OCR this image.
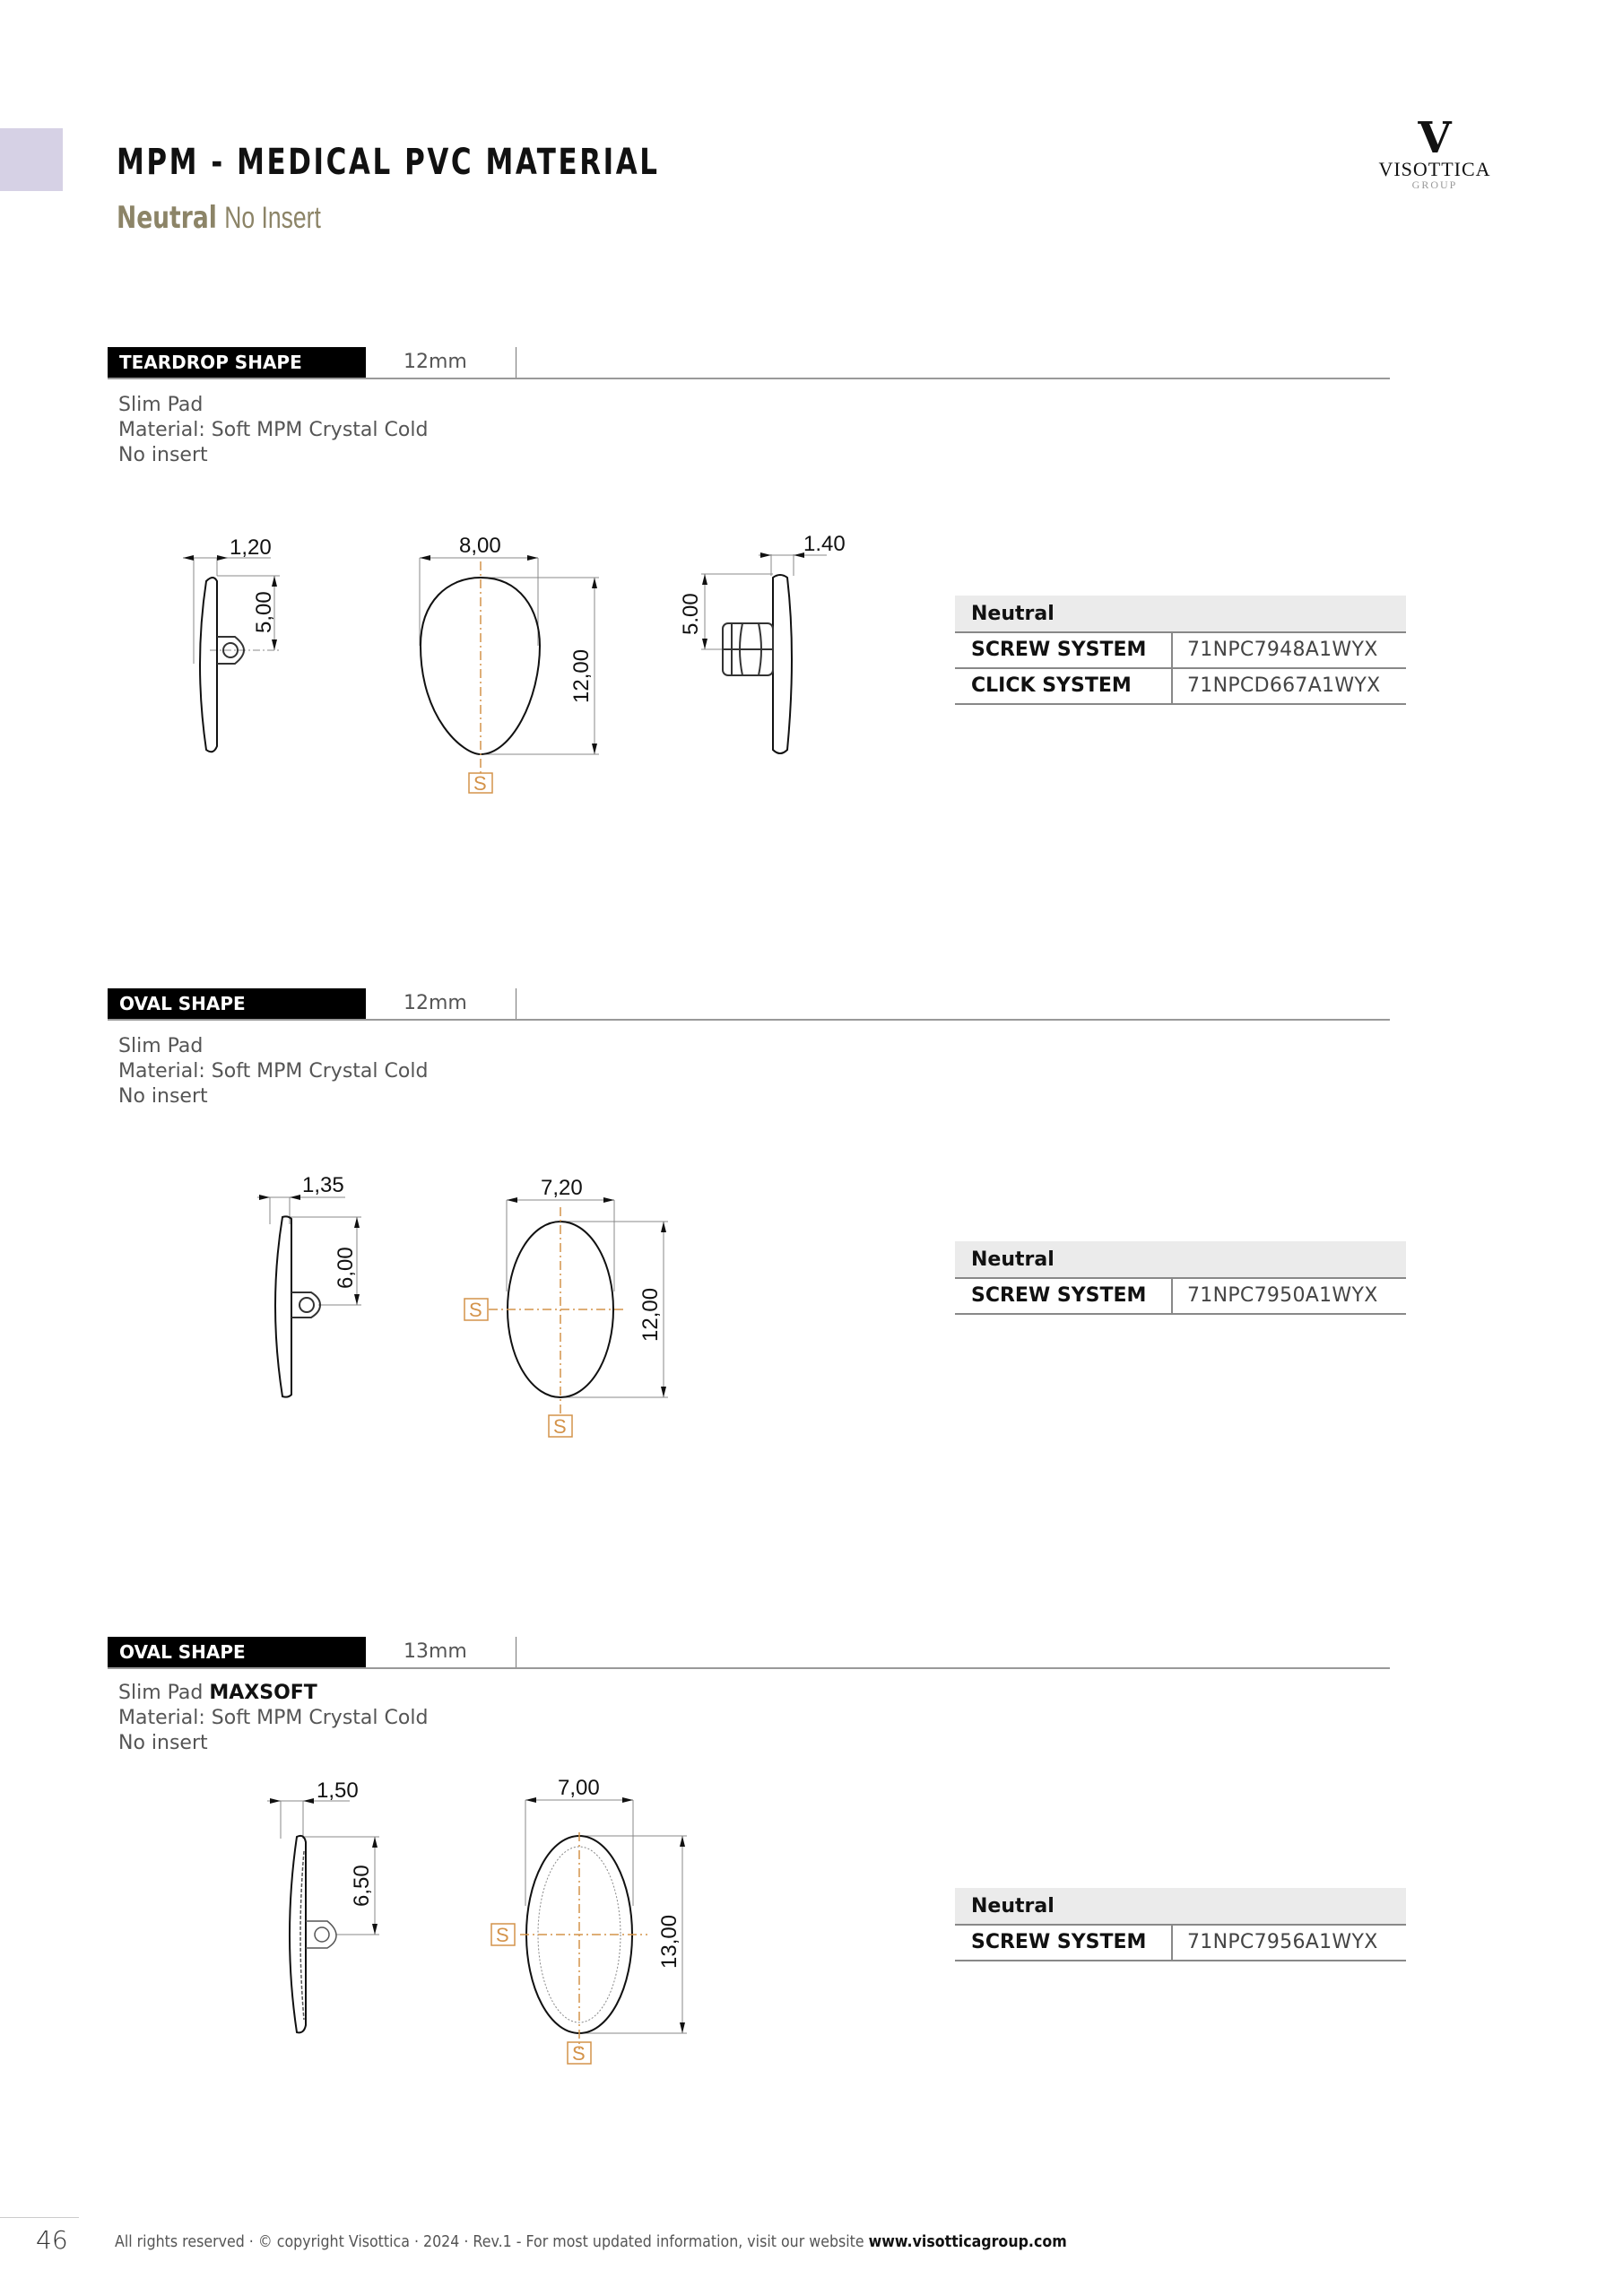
MPM - MEDICAL PVC MATERIAL
Neutral No Insert
V
VISOTTICA
GROUP
TEARDROP SHAPE	12mm
Slim Pad
Material: Soft MPM Crystal Cold
No insert
1,20
5,00
S
8,00
12,00
1.40
5.00	Neutral
SCREW SYSTEM	71NPC7948A1WYX
CLICK SYSTEM	71NPCD667A1WYX
OVAL SHAPE	12mm
Slim Pad
Material: Soft MPM Crystal Cold
No insert
1,35
6,00
S
S
7,20
12,00
Neutral
SCREW SYSTEM	71NPC7950A1WYX
OVAL SHAPE	13mm
Slim Pad MAXSOFT
Material: Soft MPM Crystal Cold
No insert
1,50
6,50
S
S
7,00
13,00
Neutral
SCREW SYSTEM	71NPC7956A1WYX
46	All rights reserved · © copyright Visottica · 2024 · Rev.1 - For most updated information, visit our website www.visotticagroup.com
